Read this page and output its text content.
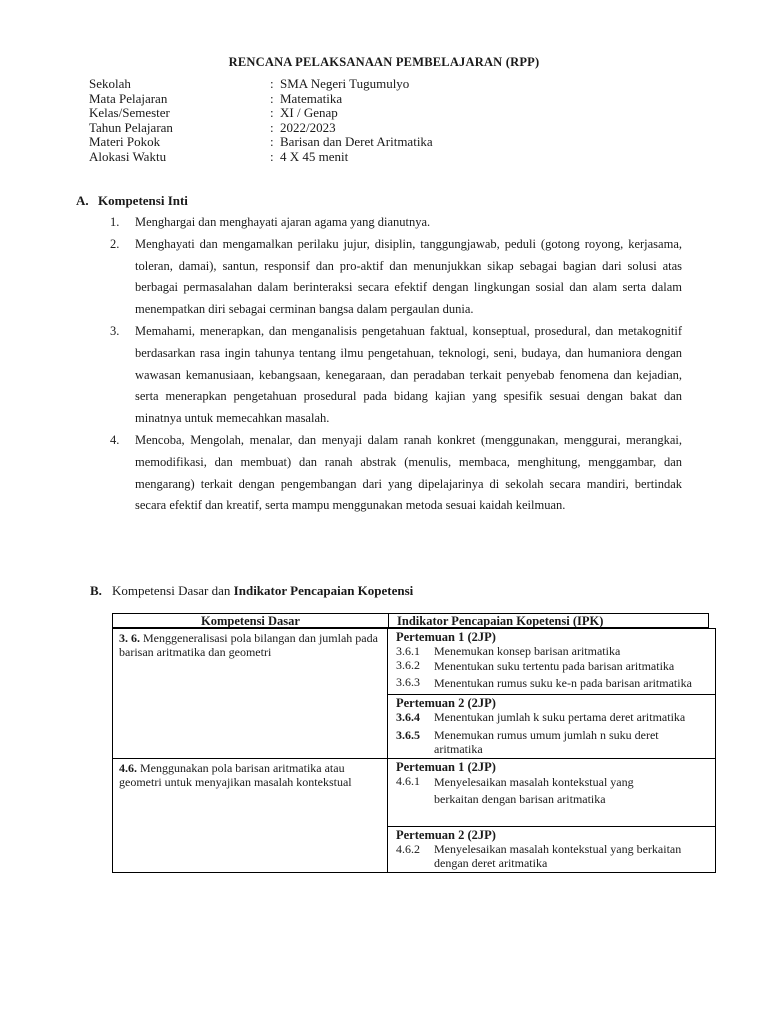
RENCANA PELAKSANAAN PEMBELAJARAN (RPP)
Sekolah	: SMA Negeri Tugumulyo
Mata Pelajaran	: Matematika
Kelas/Semester	: XI / Genap
Tahun Pelajaran	: 2022/2023
Materi Pokok	: Barisan dan Deret Aritmatika
Alokasi Waktu	: 4 X 45 menit
A. Kompetensi Inti
1.	Menghargai dan menghayati ajaran agama yang dianutnya.
2.	Menghayati dan mengamalkan perilaku jujur, disiplin, tanggungjawab, peduli (gotong royong, kerjasama, toleran, damai), santun, responsif dan pro-aktif dan menunjukkan sikap sebagai bagian dari solusi atas berbagai permasalahan dalam berinteraksi secara efektif dengan lingkungan sosial dan alam serta dalam menempatkan diri sebagai cerminan bangsa dalam pergaulan dunia.
3.	Memahami, menerapkan, dan menganalisis pengetahuan faktual, konseptual, prosedural, dan metakognitif berdasarkan rasa ingin tahunya tentang ilmu pengetahuan, teknologi, seni, budaya, dan humaniora dengan wawasan kemanusiaan, kebangsaan, kenegaraan, dan peradaban terkait penyebab fenomena dan kejadian, serta menerapkan pengetahuan prosedural pada bidang kajian yang spesifik sesuai dengan bakat dan minatnya untuk memecahkan masalah.
4.	Mencoba, Mengolah, menalar, dan menyaji dalam ranah konkret (menggunakan, menggurai, merangkai, memodifikasi, dan membuat) dan ranah abstrak (menulis, membaca, menghitung, menggambar, dan mengarang) terkait dengan pengembangan dari yang dipelajarinya di sekolah secara mandiri, bertindak secara efektif dan kreatif, serta mampu menggunakan metoda sesuai kaidah keilmuan.
B. Kompetensi Dasar dan Indikator Pencapaian Kopetensi
Kompetensi Dasar	Indikator Pencapaian Kopetensi (IPK)
3. 6. Menggeneralisasi pola bilangan dan jumlah pada barisan aritmatika dan geometri
Pertemuan 1 (2JP)
3.6.1	Menemukan konsep barisan aritmatika
3.6.2	Menentukan suku tertentu pada barisan aritmatika
3.6.3	Menentukan rumus suku ke-n pada barisan aritmatika
Pertemuan 2 (2JP)
3.6.4	Menentukan jumlah k suku pertama deret aritmatika
3.6.5	Menemukan rumus umum jumlah n suku deret aritmatika
4.6. Menggunakan pola barisan aritmatika atau geometri untuk menyajikan masalah kontekstual
Pertemuan 1 (2JP)
4.6.1	Menyelesaikan masalah kontekstual yang berkaitan dengan barisan aritmatika
Pertemuan 2 (2JP)
4.6.2	Menyelesaikan masalah kontekstual yang berkaitan dengan deret aritmatika
